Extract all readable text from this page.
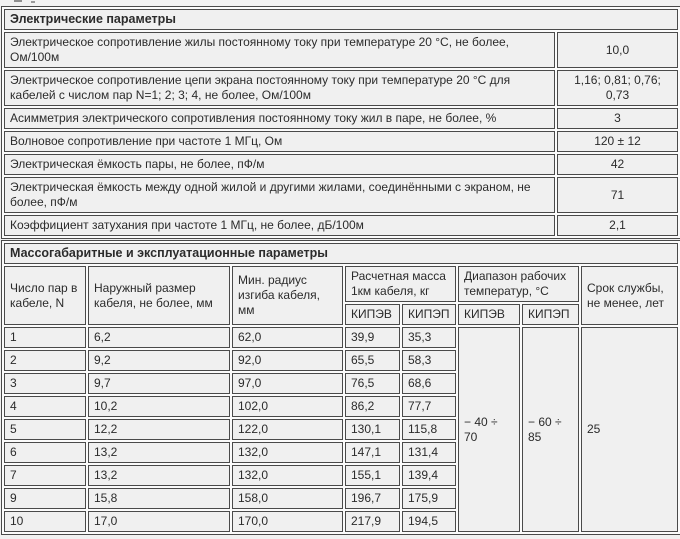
Электрические параметры	
Электрическое сопротивление жилы постоянному току при температуре 20 °С, не более, Ом/100м	10,0
Электрическое сопротивление цепи экрана постоянному току при температуре 20 °С для кабелей с числом пар N=1; 2; 3; 4, не более, Ом/100м	1,16; 0,81; 0,76; 0,73
Асимметрия электрического сопротивления постоянному току жил в паре, не более, %	3
Волновое сопротивление при частоте 1 МГц, Ом	120 ± 12
Электрическая ёмкость пары, не более, пФ/м	42
Электрическая ёмкость между одной жилой и другими жилами, соединёнными с экраном, не более, пФ/м	71
Коэффициент затухания при частоте 1 МГц, не более, дБ/100м	2,1
Массогабаритные и эксплуатационные параметры							
Число пар в кабеле, N	Наружный размер кабеля, не более, мм	Мин. радиус изгиба кабеля, мм	Расчетная масса 1км кабеля, кг		Диапазон рабочих температур, °С		Срок службы, не менее, лет
			КИПЭВ	КИПЭП	КИПЭВ	КИПЭП	
1	6,2	62,0	39,9	35,3	− 40 ÷ 70	− 60 ÷ 85	25
2	9,2	92,0	65,5	58,3			
3	9,7	97,0	76,5	68,6			
4	10,2	102,0	86,2	77,7			
5	12,2	122,0	130,1	115,8			
6	13,2	132,0	147,1	131,4			
7	13,2	132,0	155,1	139,4			
9	15,8	158,0	196,7	175,9			
10	17,0	170,0	217,9	194,5			
